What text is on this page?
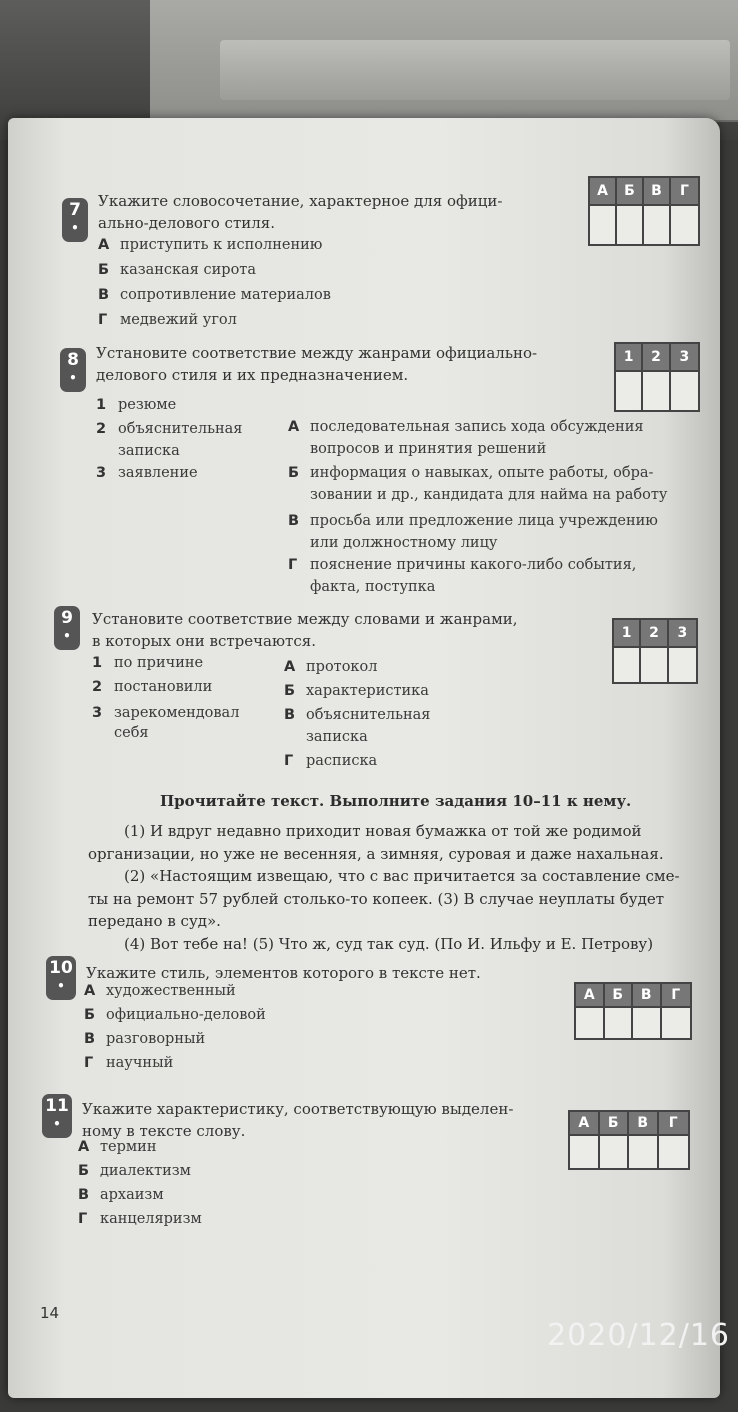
7
•
Укажите словосочетание, характерное для офици-
ально-делового стиля.
А приступить к исполнению
Б казанская сирота
В сопротивление материалов
Г медвежий угол
А	Б	В	Г
8
•
Установите соответствие между жанрами официально-
делового стиля и их предназначением.
1 резюме
2 объяснительная
записка
3 заявление
А последовательная запись хода обсуждения
вопросов и принятия решений
Б информация о навыках, опыте работы, обра-
зовании и др., кандидата для найма на работу
В просьба или предложение лица учреждению
или должностному лицу
Г пояснение причины какого-либо события,
факта, поступка
1	2	3
9
•
Установите соответствие между словами и жанрами,
в которых они встречаются.
1 по причине
2 постановили
3 зарекомендовал
себя
А протокол
Б характеристика
В объяснительная
записка
Г расписка
1	2	3
Прочитайте текст. Выполните задания 10–11 к нему.
(1) И вдруг недавно приходит новая бумажка от той же родимой
организации, но уже не весенняя, а зимняя, суровая и даже нахальная.
(2) «Настоящим извещаю, что с вас причитается за составление сме-
ты на ремонт 57 рублей столько-то копеек. (3) В случае неуплаты будет
передано в суд».
(4) Вот тебе на! (5) Что ж, суд так суд. (По И. Ильфу и Е. Петрову)
10
•
Укажите стиль, элементов которого в тексте нет.
А художественный
Б официально-деловой
В разговорный
Г научный
А	Б	В	Г
11
•
Укажите характеристику, соответствующую выделен-
ному в тексте слову.
А термин
Б диалектизм
В архаизм
Г канцеляризм
А	Б	В	Г
14
2020/12/16
